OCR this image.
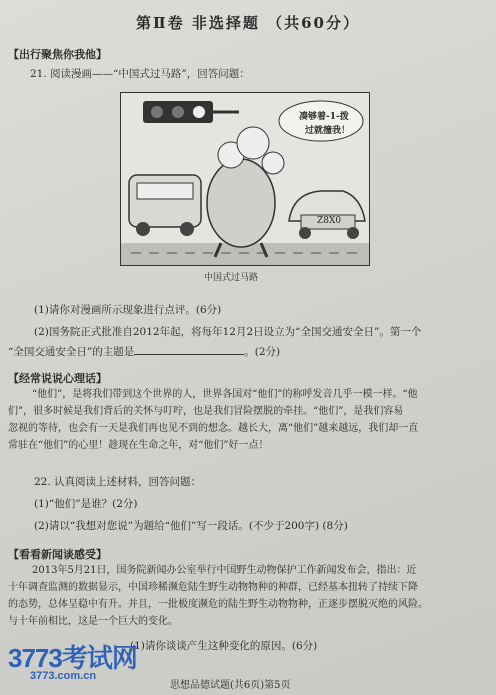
第Ⅱ卷 非选择题 （共60分）
【出行聚焦你我他】
21. 阅读漫画——“中国式过马路”，回答问题：
凑够着-1-拨
过就撞我！
Z8X0
中国式过马路
(1)请你对漫画所示现象进行点评。(6分)
(2)国务院正式批准自2012年起，将每年12月2日设立为“全国交通安全日”。第一个
“全国交通安全日”的主题是	。(2分)
【经常说说心理话】
“他们”，是将我们带到这个世界的人，世界各国对“他们”的称呼发音几乎一模一样。“他
们”，很多时候是我们背后的关怀与叮咛，也是我们冒险摆脱的牵挂。“他们”，是我们容易
忽视的等待，也会有一天是我们再也见不到的想念。越长大，离“他们”越来越远，我们却一直
常驻在“他们”的心里！趁现在生命之年，对“他们”好一点！
22. 认真阅读上述材料，回答问题：
(1)“他们”是谁？(2分)
(2)请以“我想对您说”为题给“他们”写一段话。(不少于200字) (8分)
【看看新闻谈感受】
2013年5月21日，国务院新闻办公室举行中国野生动物保护工作新闻发布会，指出：近
十年调查监测的数据显示，中国珍稀濒危陆生野生动物物种的种群，已经基本扭转了持续下降
的态势，总体呈稳中有升。并且，一批极度濒危的陆生野生动物物种，正逐步摆脱灭绝的风险。
与十年前相比，这是一个巨大的变化。
(1)请你谈谈产生这种变化的原因。(6分)
3773考试网
3773.com.cn
思想品德试题(共6页)第5页
